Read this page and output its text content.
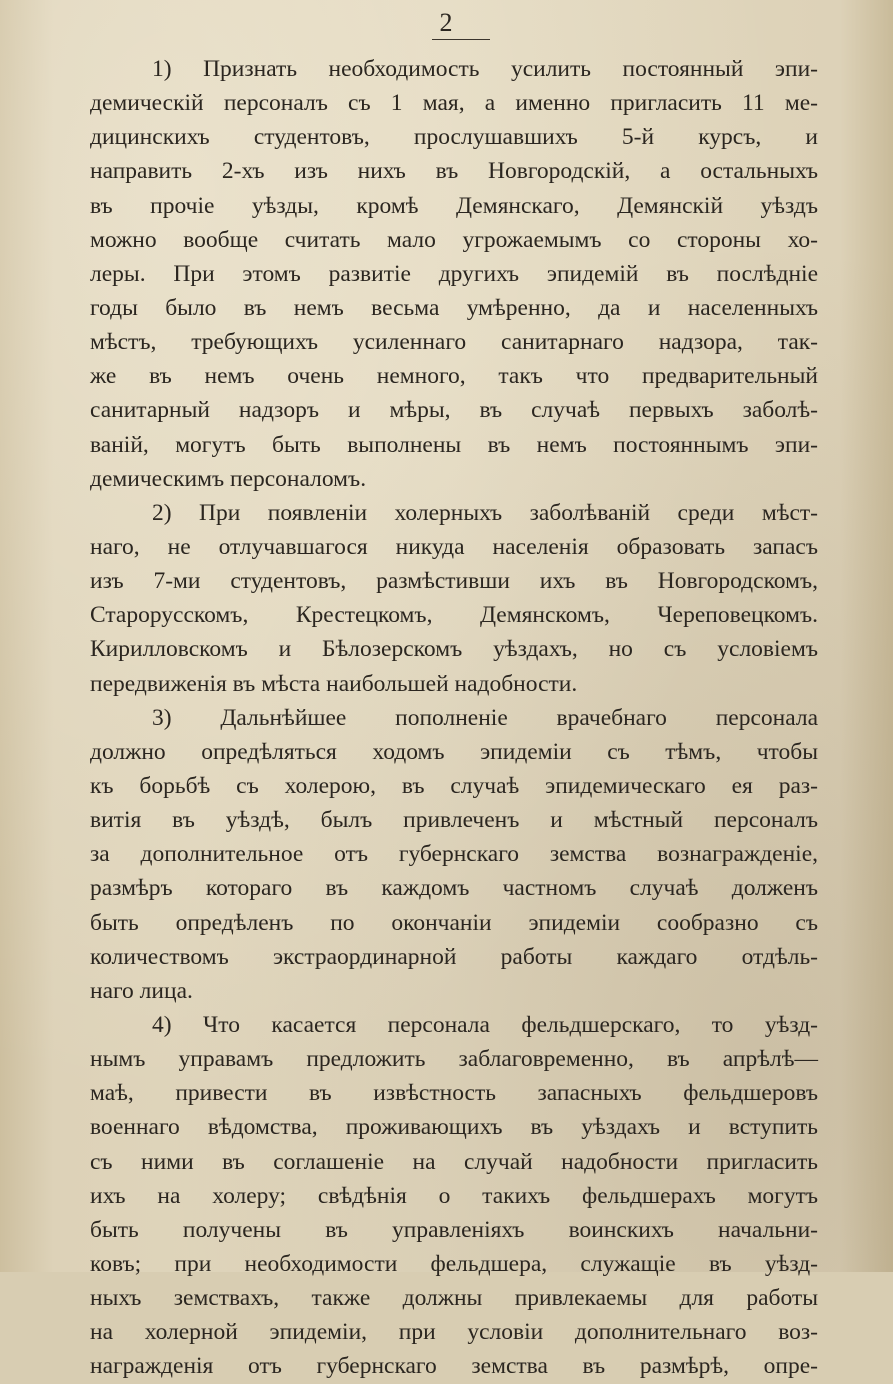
2
1) Признать необходимость усилить постоянный эпи-
демическій персоналъ съ 1 мая, а именно пригласить 11 ме-
дицинскихъ студентовъ, прослушавшихъ 5-й курсъ, и
направить 2-хъ изъ нихъ въ Новгородскій, а остальныхъ
въ прочіе уѣзды, кромѣ Демянскаго, Демянскій уѣздъ
можно вообще считать мало угрожаемымъ со стороны хо-
леры. При этомъ развитіе другихъ эпидемій въ послѣдніе
годы было въ немъ весьма умѣренно, да и населенныхъ
мѣстъ, требующихъ усиленнаго санитарнаго надзора, так-
же въ немъ очень немного, такъ что предварительный
санитарный надзоръ и мѣры, въ случаѣ первыхъ заболѣ-
ваній, могутъ быть выполнены въ немъ постояннымъ эпи-
демическимъ персоналомъ.
2) При появленіи холерныхъ заболѣваній среди мѣст-
наго, не отлучавшагося никуда населенія образовать запасъ
изъ 7-ми студентовъ, размѣстивши ихъ въ Новгородскомъ,
Старорусскомъ, Крестецкомъ, Демянскомъ, Череповецкомъ.
Кирилловскомъ и Бѣлозерскомъ уѣздахъ, но съ условіемъ
передвиженія въ мѣста наибольшей надобности.
3) Дальнѣйшее пополненіе врачебнаго персонала
должно опредѣляться ходомъ эпидеміи съ тѣмъ, чтобы
къ борьбѣ съ холерою, въ случаѣ эпидемическаго ея раз-
витія въ уѣздѣ, былъ привлеченъ и мѣстный персоналъ
за дополнительное отъ губернскаго земства вознагражденіе,
размѣръ котораго въ каждомъ частномъ случаѣ долженъ
быть опредѣленъ по окончаніи эпидеміи сообразно съ
количествомъ экстраординарной работы каждаго отдѣль-
наго лица.
4) Что касается персонала фельдшерскаго, то уѣзд-
нымъ управамъ предложить заблаговременно, въ апрѣлѣ—
маѣ, привести въ извѣстность запасныхъ фельдшеровъ
военнаго вѣдомства, проживающихъ въ уѣздахъ и вступить
съ ними въ соглашеніе на случай надобности пригласить
ихъ на холеру; свѣдѣнія о такихъ фельдшерахъ могутъ
быть получены въ управленіяхъ воинскихъ начальни-
ковъ; при необходимости фельдшера, служащіе въ уѣзд-
ныхъ земствахъ, также должны привлекаемы для работы
на холерной эпидеміи, при условіи дополнительнаго воз-
награжденія отъ губернскаго земства въ размѣрѣ, опре-
